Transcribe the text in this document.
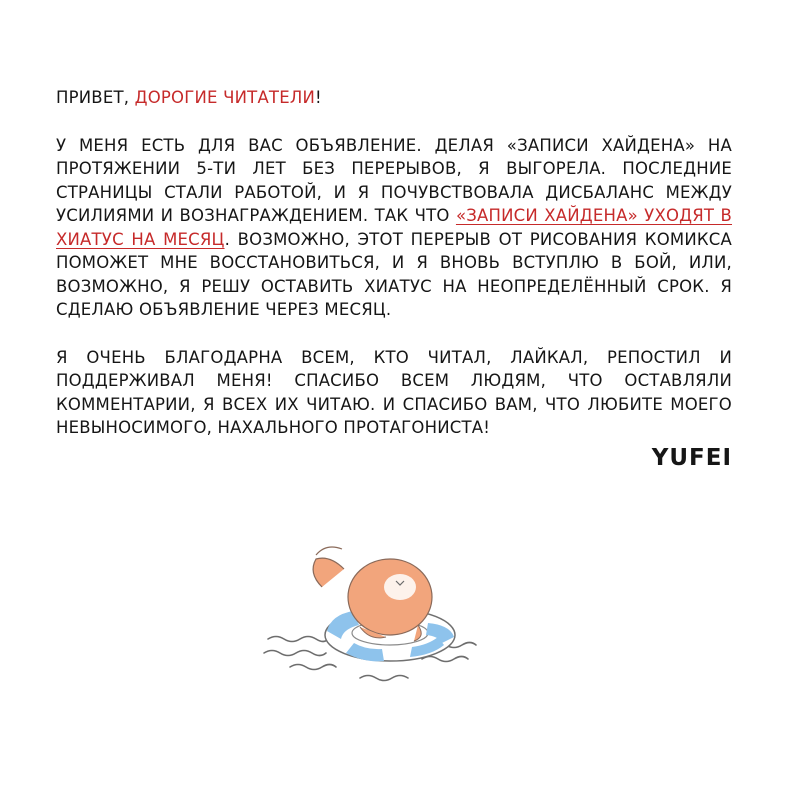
ПРИВЕТ, ДОРОГИЕ ЧИТАТЕЛИ!

У МЕНЯ ЕСТЬ ДЛЯ ВАС ОБЪЯВЛЕНИЕ. ДЕЛАЯ «ЗАПИСИ ХАЙДЕНА» НА ПРОТЯЖЕНИИ 5-ТИ ЛЕТ БЕЗ ПЕРЕРЫВОВ, Я ВЫГОРЕЛА. ПОСЛЕДНИЕ СТРАНИЦЫ СТАЛИ РАБОТОЙ, И Я ПОЧУВСТВОВАЛА ДИСБАЛАНС МЕЖДУ УСИЛИЯМИ И ВОЗНАГРАЖДЕНИЕМ. ТАК ЧТО «ЗАПИСИ ХАЙДЕНА» УХОДЯТ В ХИАТУС НА МЕСЯЦ. ВОЗМОЖНО, ЭТОТ ПЕРЕРЫВ ОТ РИСОВАНИЯ КОМИКСА ПОМОЖЕТ МНЕ ВОССТАНОВИТЬСЯ, И Я ВНОВЬ ВСТУПЛЮ В БОЙ, ИЛИ, ВОЗМОЖНО, Я РЕШУ ОСТАВИТЬ ХИАТУС НА НЕОПРЕДЕЛЁННЫЙ СРОК. Я СДЕЛАЮ ОБЪЯВЛЕНИЕ ЧЕРЕЗ МЕСЯЦ.

Я ОЧЕНЬ БЛАГОДАРНА ВСЕМ, КТО ЧИТАЛ, ЛАЙКАЛ, РЕПОСТИЛ И ПОДДЕРЖИВАЛ МЕНЯ! СПАСИБО ВСЕМ ЛЮДЯМ, ЧТО ОСТАВЛЯЛИ КОММЕНТАРИИ, Я ВСЕХ ИХ ЧИТАЮ. И СПАСИБО ВАМ, ЧТО ЛЮБИТЕ МОЕГО НЕВЫНОСИМОГО, НАХАЛЬНОГО ПРОТАГОНИСТА!

YUFEI
